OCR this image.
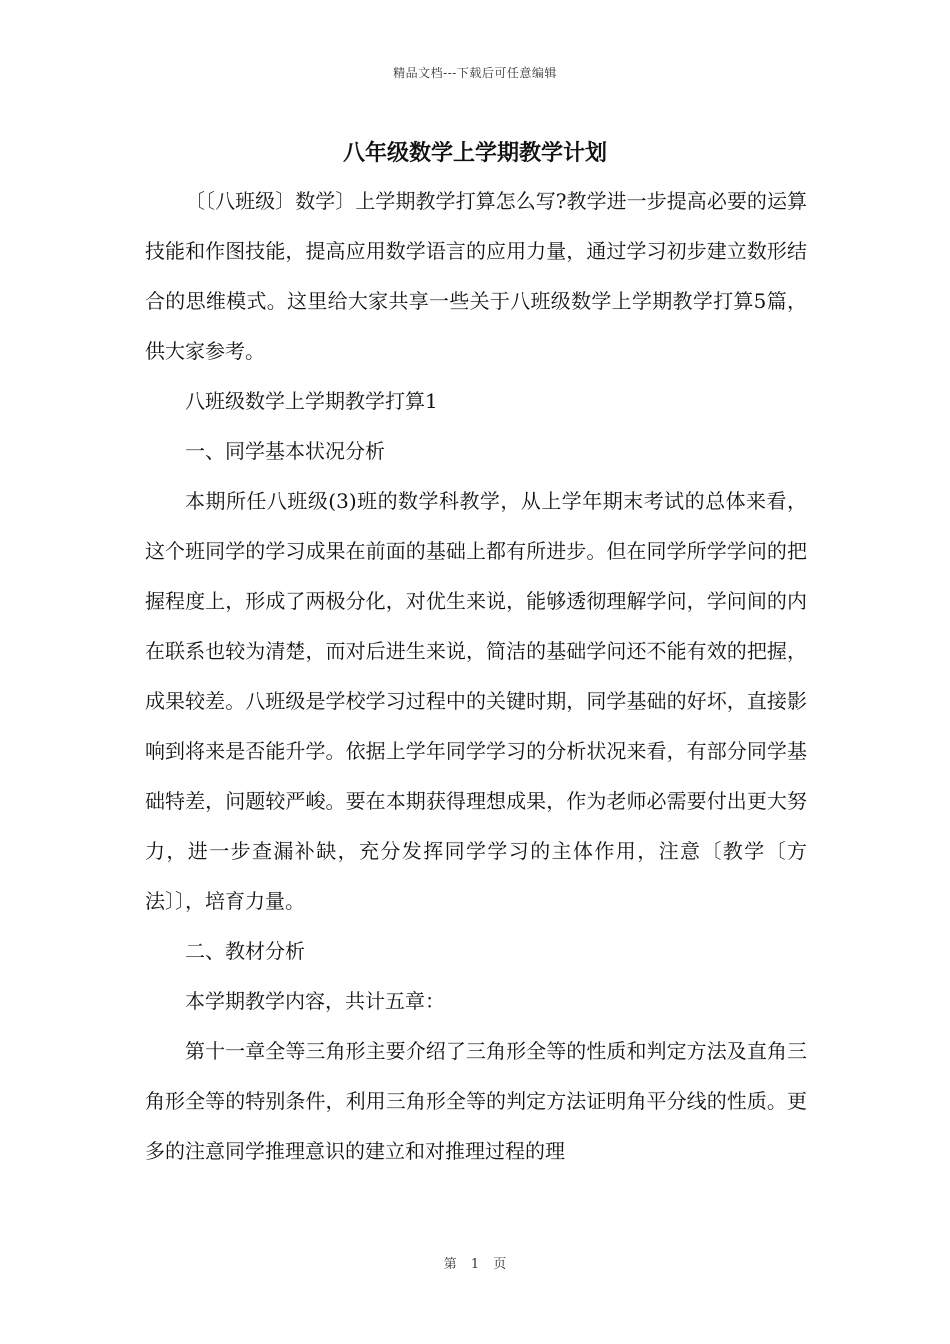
精品文档---下载后可任意编辑
八年级数学上学期教学计划

〔〔八班级〕数学〕上学期教学打算怎么写?教学进一步提高必要的运算技能和作图技能，提高应用数学语言的应用力量，通过学习初步建立数形结合的思维模式。这里给大家共享一些关于八班级数学上学期教学打算5篇，供大家参考。

八班级数学上学期教学打算1

一、同学基本状况分析

本期所任八班级(3)班的数学科教学，从上学年期末考试的总体来看，这个班同学的学习成果在前面的基础上都有所进步。但在同学所学学问的把握程度上，形成了两极分化，对优生来说，能够透彻理解学问，学问间的内在联系也较为清楚，而对后进生来说，简洁的基础学问还不能有效的把握，成果较差。八班级是学校学习过程中的关键时期，同学基础的好坏，直接影响到将来是否能升学。依据上学年同学学习的分析状况来看，有部分同学基础特差，问题较严峻。要在本期获得理想成果，作为老师必需要付出更大努力，进一步查漏补缺，充分发挥同学学习的主体作用，注意〔教学〔方法〕〕，培育力量。

二、教材分析

本学期教学内容，共计五章：

第十一章全等三角形主要介绍了三角形全等的性质和判定方法及直角三角形全等的特别条件，利用三角形全等的判定方法证明角平分线的性质。更多的注意同学推理意识的建立和对推理过程的理

第 1 页
